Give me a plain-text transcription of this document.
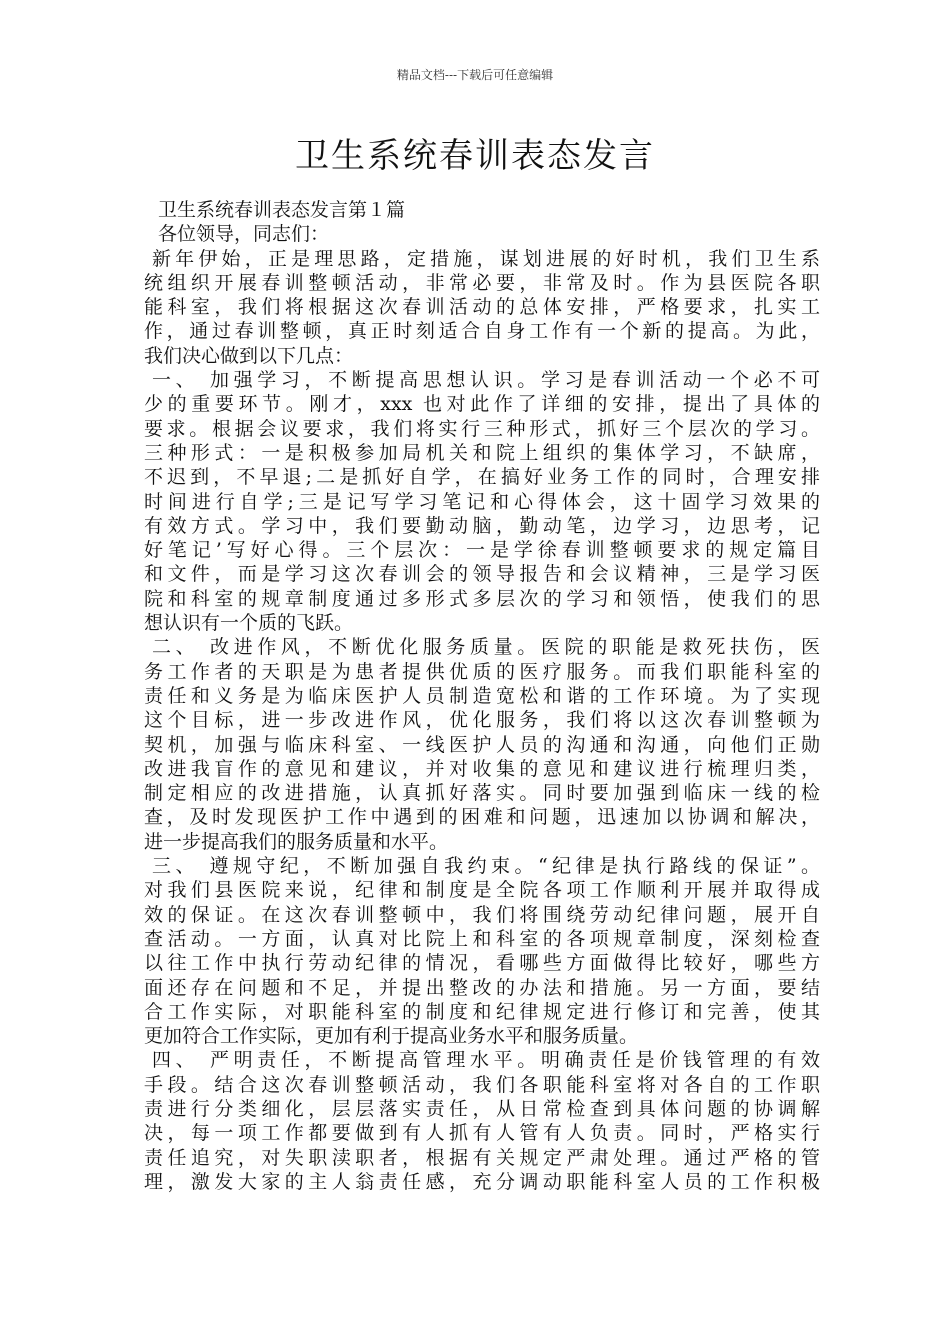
精品文档---下载后可任意编辑
卫生系统春训表态发言
卫生系统春训表态发言第１篇
各位领导，同志们：
新年伊始，正是理思路，定措施，谋划进展的好时机，我们卫生系
统组织开展春训整顿活动，非常必要，非常及时。作为县医院各职
能科室，我们将根据这次春训活动的总体安排，严格要求，扎实工
作，通过春训整顿，真正时刻适合自身工作有一个新的提高。为此，
我们决心做到以下几点：
一、 加强学习，不断提高思想认识。学习是春训活动一个必不可
少的重要环节。刚才，xxx 也对此作了详细的安排，提出了具体的
要求。根据会议要求，我们将实行三种形式，抓好三个层次的学习。
三种形式：一是积极参加局机关和院上组织的集体学习，不缺席，
不迟到，不早退;二是抓好自学，在搞好业务工作的同时，合理安排
时间进行自学;三是记写学习笔记和心得体会，这十固学习效果的
有效方式。学习中，我们要勤动脑，勤动笔，边学习，边思考，记
好笔记’写好心得。三个层次：一是学徐春训整顿要求的规定篇目
和文件，而是学习这次春训会的领导报告和会议精神，三是学习医
院和科室的规章制度通过多形式多层次的学习和领悟，使我们的思
想认识有一个质的飞跃。
二、 改进作风，不断优化服务质量。医院的职能是救死扶伤，医
务工作者的天职是为患者提供优质的医疗服务。而我们职能科室的
责任和义务是为临床医护人员制造宽松和谐的工作环境。为了实现
这个目标，进一步改进作风，优化服务，我们将以这次春训整顿为
契机，加强与临床科室、一线医护人员的沟通和沟通，向他们正勋
改进我盲作的意见和建议，并对收集的意见和建议进行梳理归类，
制定相应的改进措施，认真抓好落实。同时要加强到临床一线的检
查，及时发现医护工作中遇到的困难和问题，迅速加以协调和解决，
进一步提高我们的服务质量和水平。
三、 遵规守纪，不断加强自我约束。“纪律是执行路线的保证”。
对我们县医院来说，纪律和制度是全院各项工作顺利开展并取得成
效的保证。在这次春训整顿中，我们将围绕劳动纪律问题，展开自
查活动。一方面，认真对比院上和科室的各项规章制度，深刻检查
以往工作中执行劳动纪律的情况，看哪些方面做得比较好，哪些方
面还存在问题和不足，并提出整改的办法和措施。另一方面，要结
合工作实际，对职能科室的制度和纪律规定进行修订和完善，使其
更加符合工作实际，更加有利于提高业务水平和服务质量。
四、 严明责任，不断提高管理水平。明确责任是价钱管理的有效
手段。结合这次春训整顿活动，我们各职能科室将对各自的工作职
责进行分类细化，层层落实责任，从日常检查到具体问题的协调解
决，每一项工作都要做到有人抓有人管有人负责。同时，严格实行
责任追究，对失职渎职者，根据有关规定严肃处理。通过严格的管
理，激发大家的主人翁责任感，充分调动职能科室人员的工作积极
